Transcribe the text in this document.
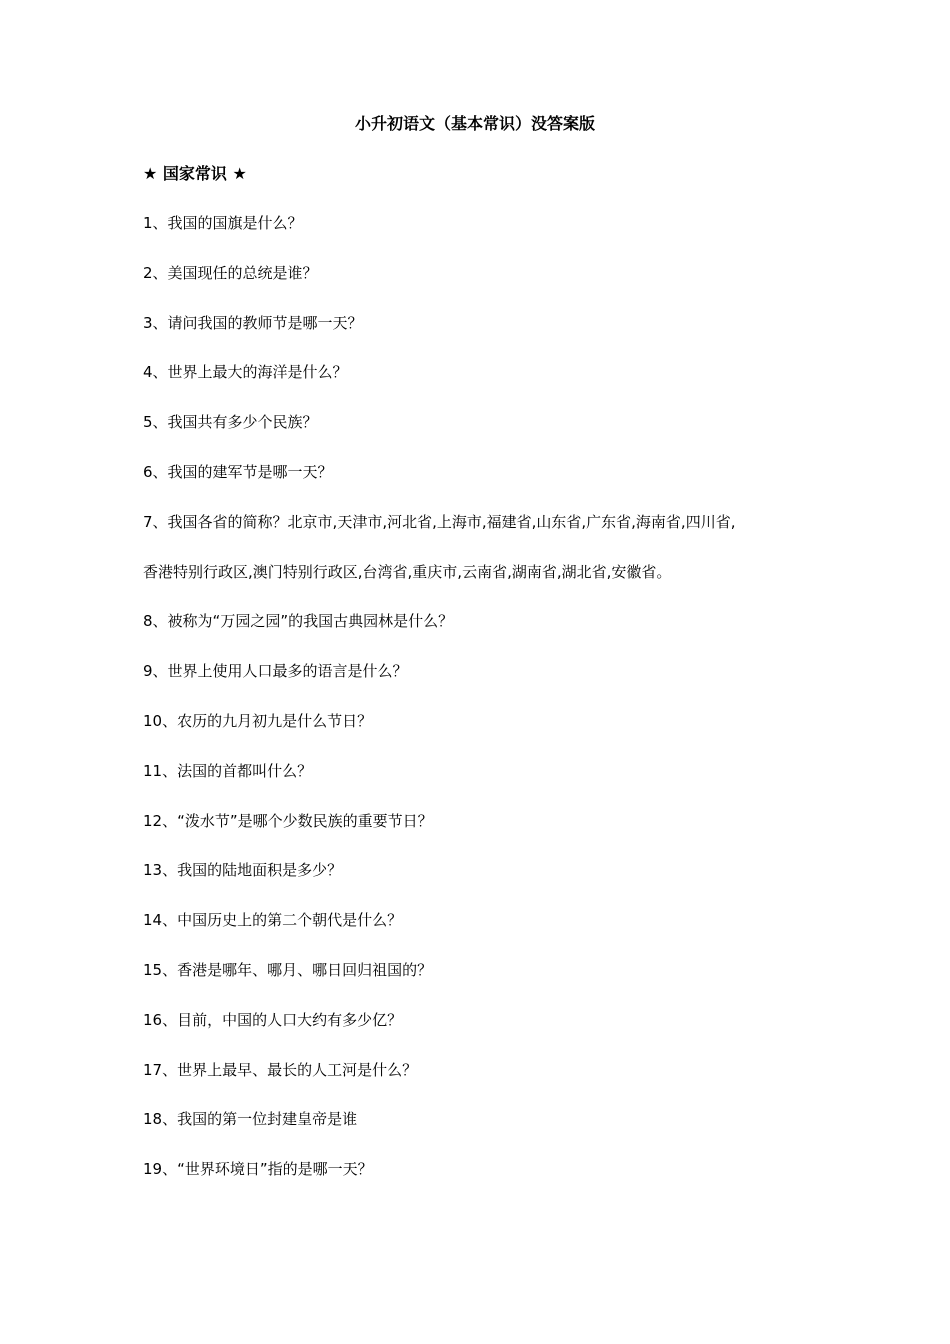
小升初语文（基本常识）没答案版
★ 国家常识 ★
1、我国的国旗是什么？
2、美国现任的总统是谁？
3、请问我国的教师节是哪一天？
4、世界上最大的海洋是什么？
5、我国共有多少个民族？
6、我国的建军节是哪一天？
7、我国各省的简称？北京市,天津市,河北省,上海市,福建省,山东省,广东省,海南省,四川省,
香港特别行政区,澳门特别行政区,台湾省,重庆市,云南省,湖南省,湖北省,安徽省。
8、被称为“万园之园”的我国古典园林是什么？
9、世界上使用人口最多的语言是什么？
10、农历的九月初九是什么节日？
11、法国的首都叫什么？
12、“泼水节”是哪个少数民族的重要节日？
13、我国的陆地面积是多少？
14、中国历史上的第二个朝代是什么？
15、香港是哪年、哪月、哪日回归祖国的？
16、目前，中国的人口大约有多少亿？
17、世界上最早、最长的人工河是什么？
18、我国的第一位封建皇帝是谁
19、“世界环境日”指的是哪一天？
